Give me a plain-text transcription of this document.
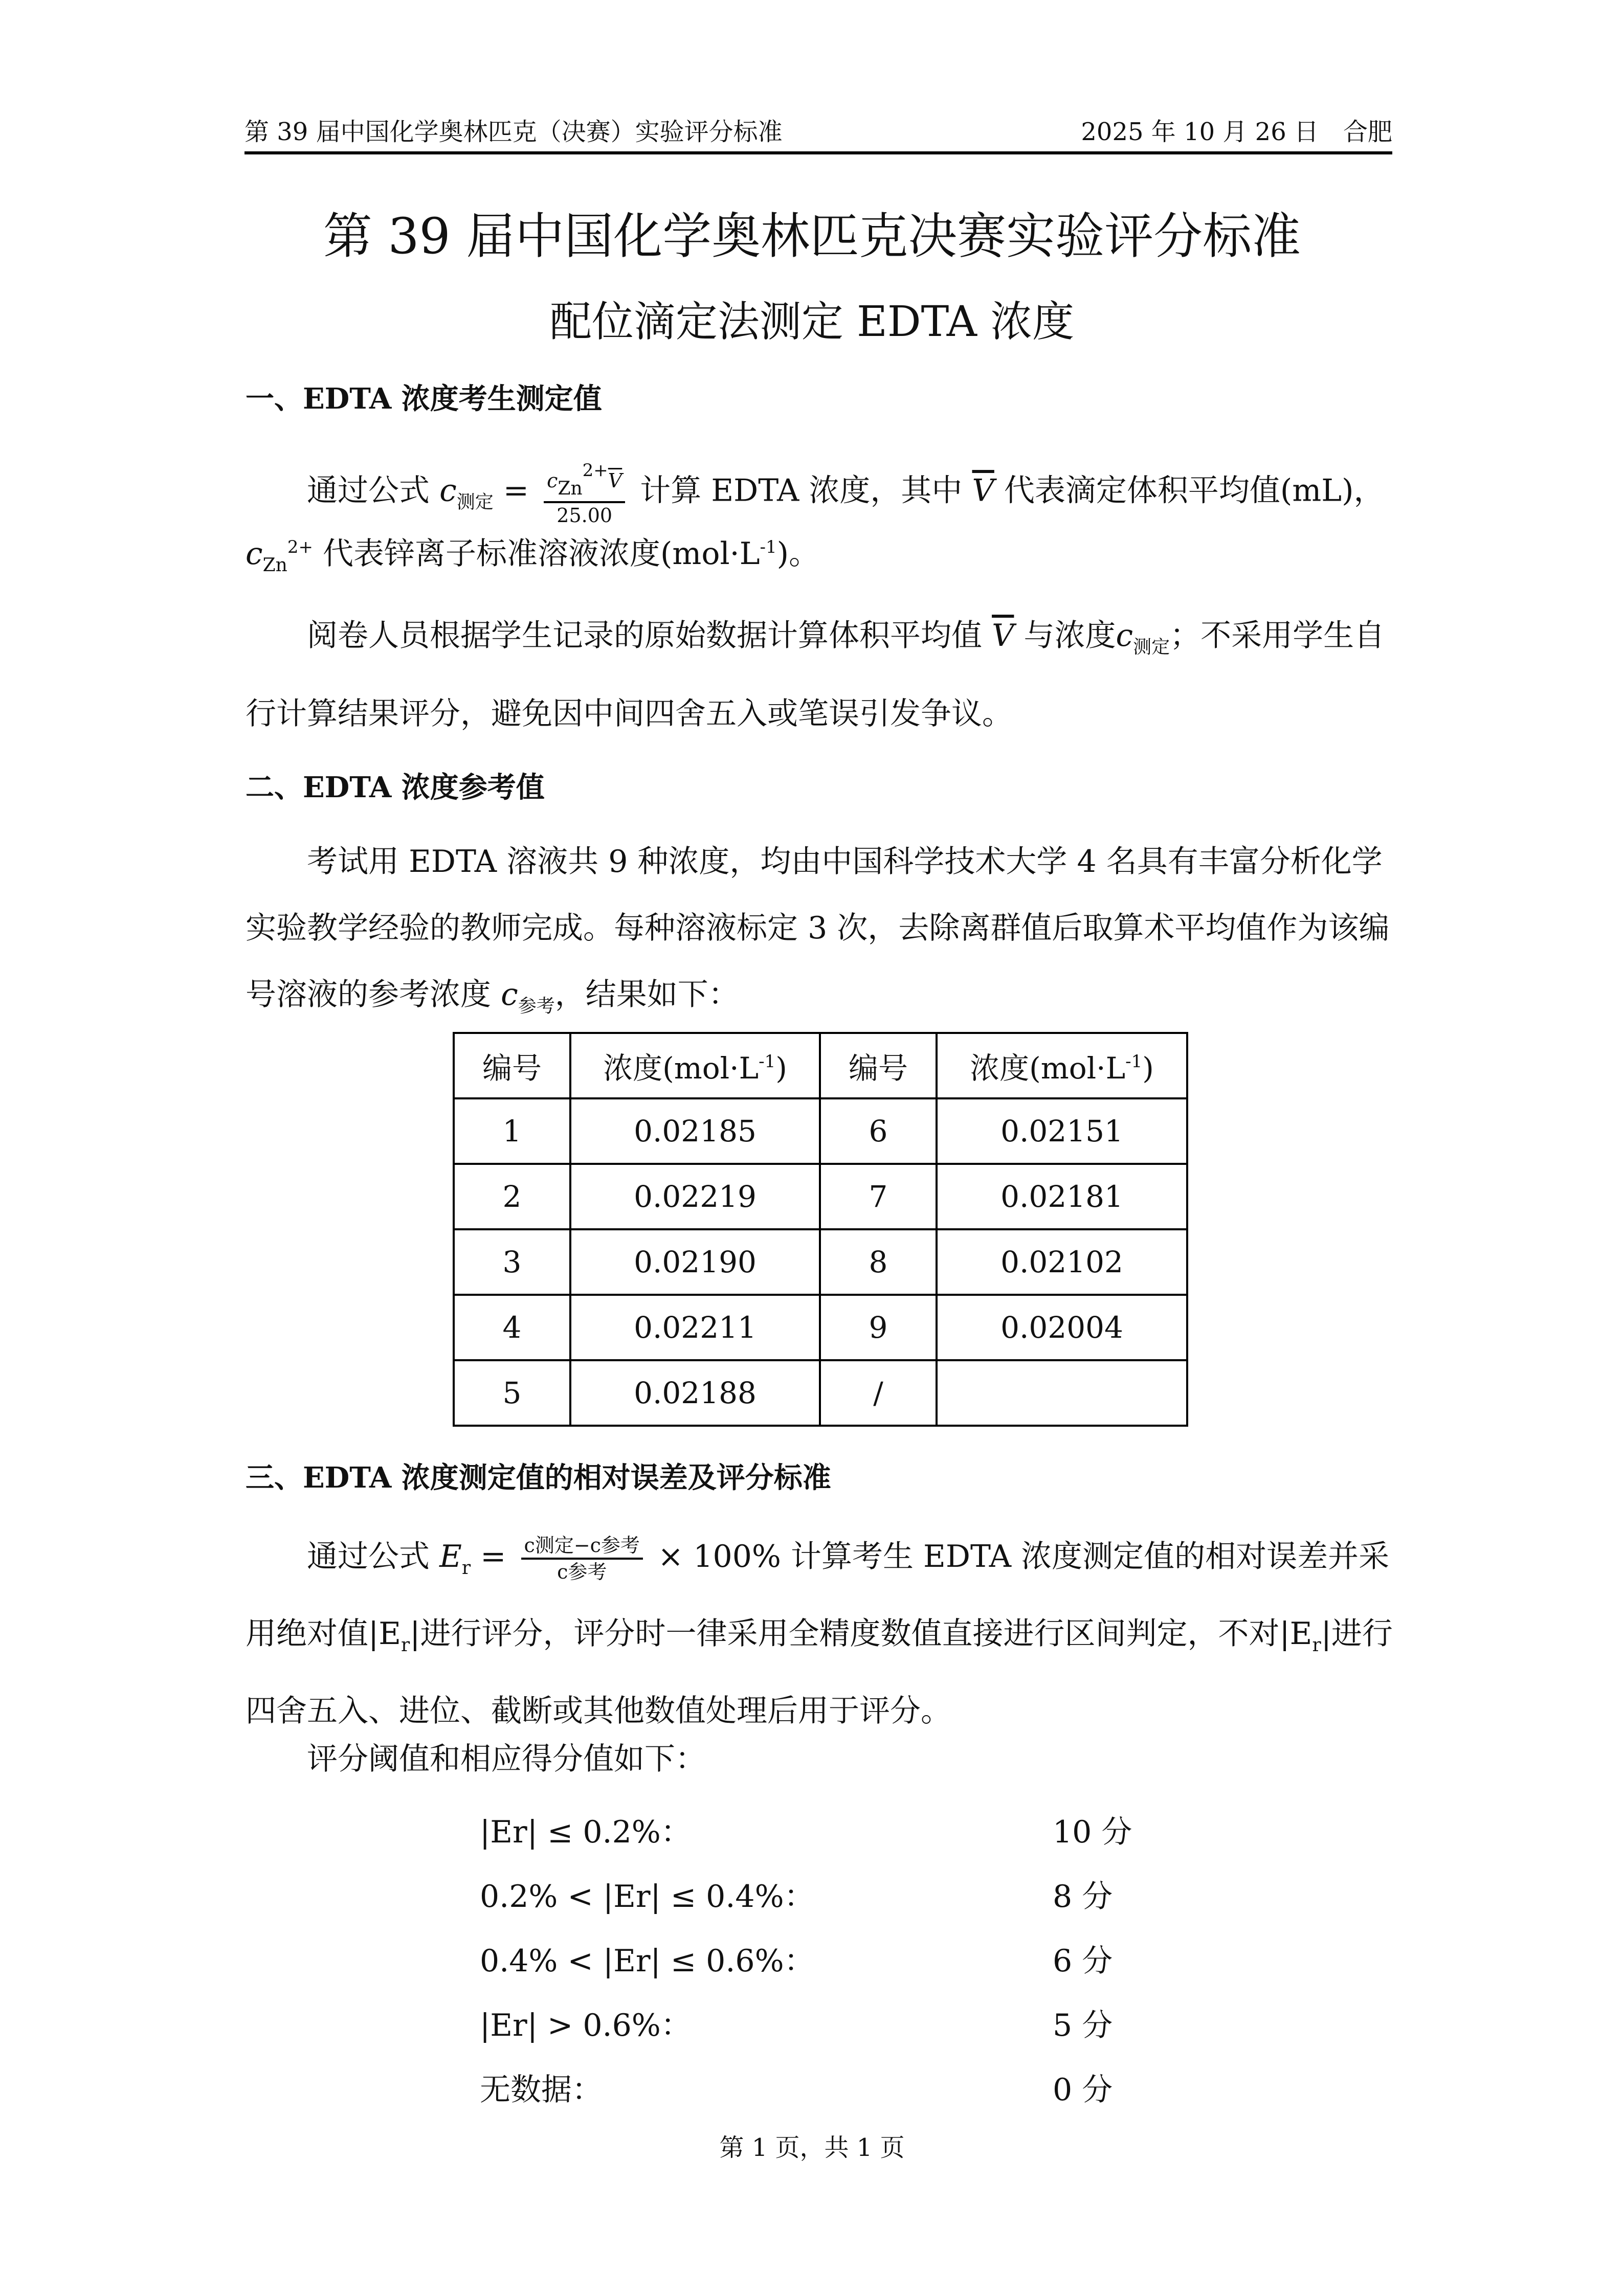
第 39 届中国化学奥林匹克（决赛）实验评分标准	2025 年 10 月 26 日　合肥
第 39 届中国化学奥林匹克决赛实验评分标准
配位滴定法测定 EDTA 浓度
一、EDTA 浓度考生测定值
通过公式 $c_{测定} = \frac{cZn2+\overline{V}}{25.00}$ 计算 EDTA 浓度，其中 $\overline{V}$ 代表滴定体积平均值(mL)，
$c_{Zn}^{2+}$ 代表锌离子标准溶液浓度$(mol\cdot L^{-1})$。
阅卷人员根据学生记录的原始数据计算体积平均值 $\overline{V}$ 与浓度$c_{测定}$；不采用学生自行计算结果评分，避免因中间四舍五入或笔误引发争议。
二、EDTA 浓度参考值
考试用 EDTA 溶液共 9 种浓度，均由中国科学技术大学 4 名具有丰富分析化学实验教学经验的教师完成。每种溶液标定 3 次，去除离群值后取算术平均值作为该编号溶液的参考浓度 $c_{参考}$，结果如下：
编号	浓度$(mol\cdot L^{-1})$	编号	浓度$(mol\cdot L^{-1})$
1	0.02185	6	0.02151
2	0.02219	7	0.02181
3	0.02190	8	0.02102
4	0.02211	9	0.02004
5	0.02188	/	
三、EDTA 浓度测定值的相对误差及评分标准
通过公式 $E_r = \frac{\text{c测定−c参考}}{\text{c参考}} \times 100\%$ 计算考生 EDTA 浓度测定值的相对误差并采用绝对值$|E_r|$进行评分，评分时一律采用全精度数值直接进行区间判定，不对$|E_r|$进行四舍五入、进位、截断或其他数值处理后用于评分。
评分阈值和相应得分值如下：
|Er| ≤ 0.2%：	10 分
0.2% < |Er| ≤ 0.4%：	8 分
0.4% < |Er| ≤ 0.6%：	6 分
|Er| > 0.6%：	5 分
无数据：	0 分
第 1 页，共 1 页
